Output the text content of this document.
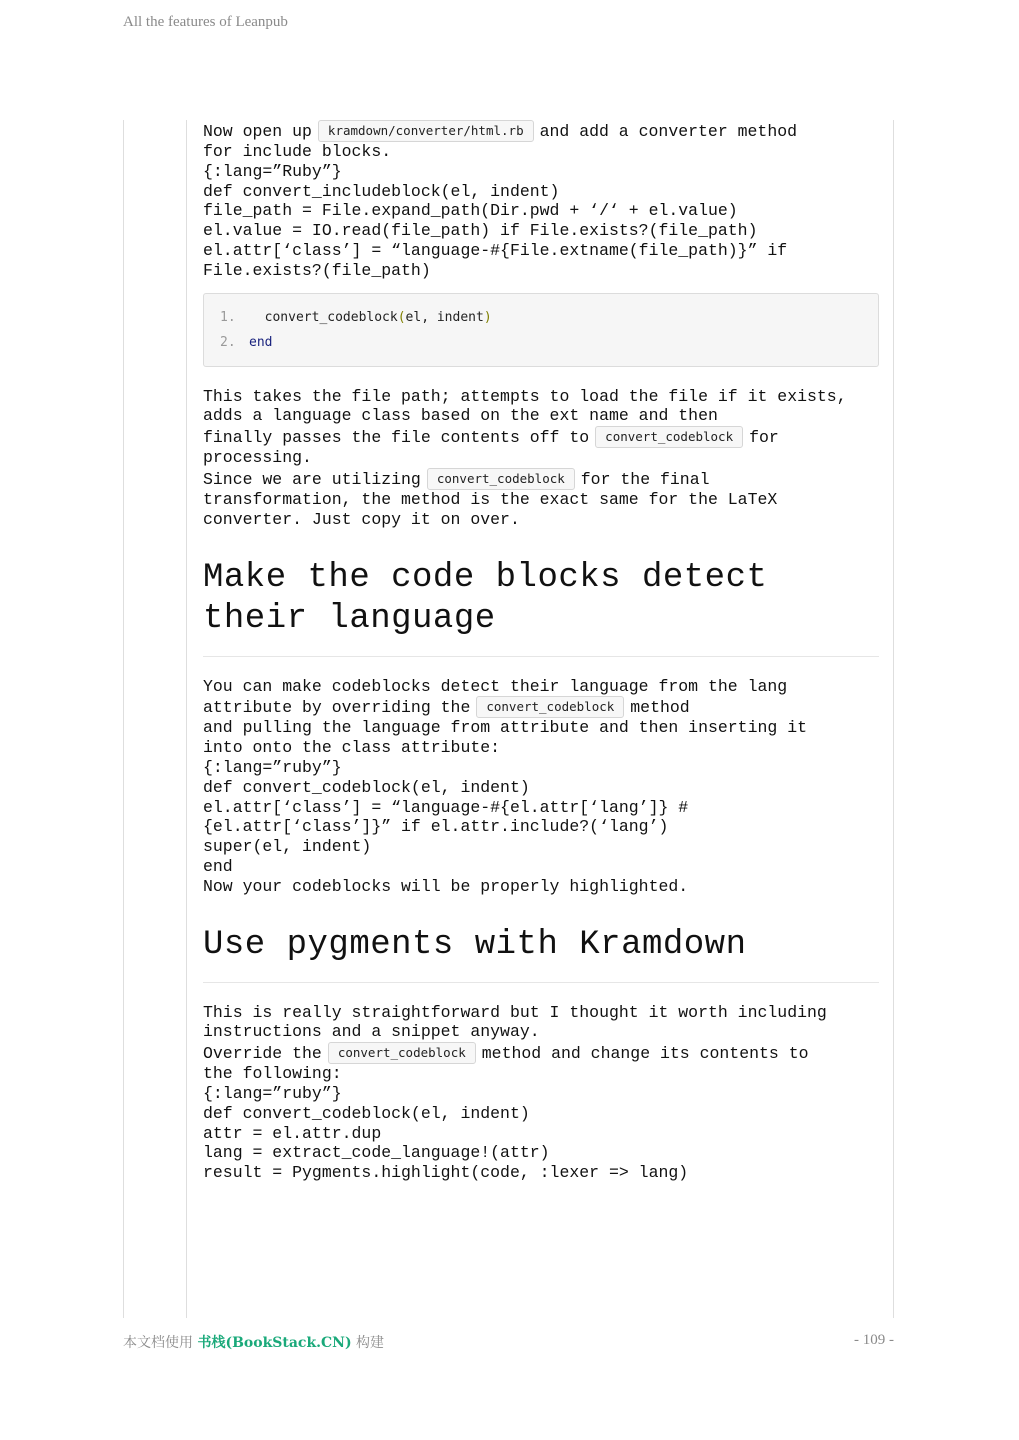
All the features of Leanpub

Now open up kramdown/converter/html.rb and add a converter method
for include blocks.

{:lang=”Ruby”}
def convert_includeblock(el, indent)
file_path = File.expand_path(Dir.pwd + ‘/‘ + el.value)
el.value = IO.read(file_path) if File.exists?(file_path)
el.attr[‘class’] = “language-#{File.extname(file_path)}” if
File.exists?(file_path)

1.	convert_codeblock(el, indent)
2.	end

This takes the file path; attempts to load the file if it exists,
adds a language class based on the ext name and then
finally passes the file contents off to convert_codeblock for
processing.

Since we are utilizing convert_codeblock for the final
transformation, the method is the exact same for the LaTeX
converter. Just copy it on over.

Make the code blocks detect
their language

You can make codeblocks detect their language from the lang
attribute by overriding the convert_codeblock method
and pulling the language from attribute and then inserting it
into onto the class attribute:

{:lang=”ruby”}
def convert_codeblock(el, indent)
el.attr[‘class’] = “language-#{el.attr[‘lang’]} #
{el.attr[‘class’]}” if el.attr.include?(‘lang’)
super(el, indent)
end

Now your codeblocks will be properly highlighted.

Use pygments with Kramdown

This is really straightforward but I thought it worth including
instructions and a snippet anyway.
Override the convert_codeblock method and change its contents to
the following:

{:lang=”ruby”}
def convert_codeblock(el, indent)
attr = el.attr.dup
lang = extract_code_language!(attr)
result = Pygments.highlight(code, :lexer => lang)

本文档使用 书栈(BookStack.CN) 构建	- 109 -
